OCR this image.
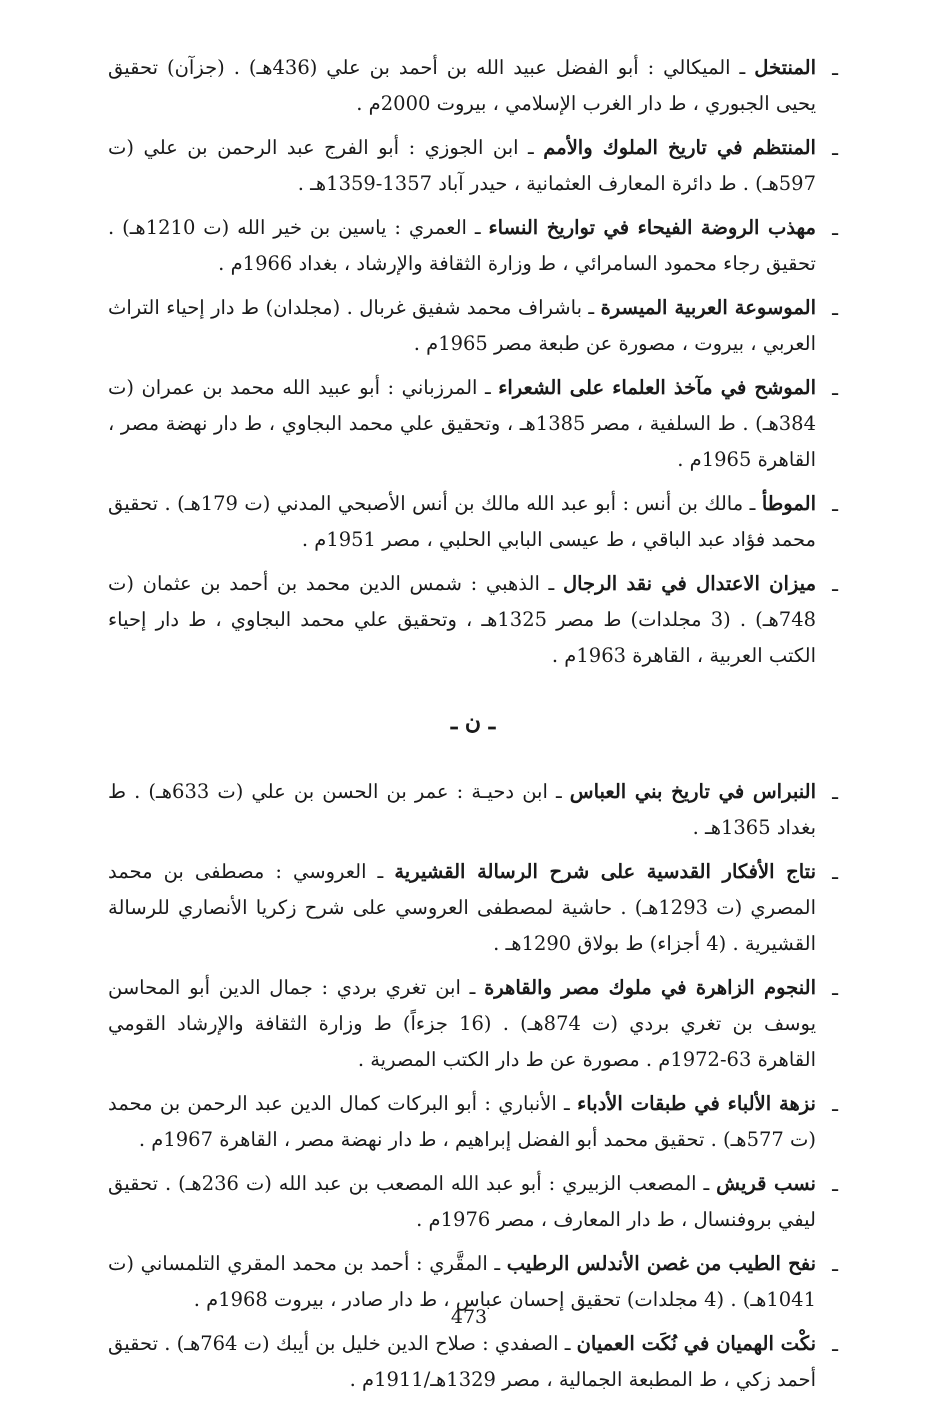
ـ
المنتخل ـ الميكالي : أبو الفضل عبيد الله بن أحمد بن علي (436هـ) . (جزآن) تحقيق يحيى الجبوري ، ط دار الغرب الإسلامي ، بيروت 2000م .
ـ
المنتظم في تاريخ الملوك والأمم ـ ابن الجوزي : أبو الفرج عبد الرحمن بن علي (ت 597هـ) . ط دائرة المعارف العثمانية ، حيدر آباد 1357-1359هـ .
ـ
مهذب الروضة الفيحاء في تواريخ النساء ـ العمري : ياسين بن خير الله (ت 1210هـ) . تحقيق رجاء محمود السامرائي ، ط وزارة الثقافة والإرشاد ، بغداد 1966م .
ـ
الموسوعة العربية الميسرة ـ باشراف محمد شفيق غربال . (مجلدان) ط دار إحياء التراث العربي ، بيروت ، مصورة عن طبعة مصر 1965م .
ـ
الموشح في مآخذ العلماء على الشعراء ـ المرزباني : أبو عبيد الله محمد بن عمران (ت 384هـ) . ط السلفية ، مصر 1385هـ ، وتحقيق علي محمد البجاوي ، ط دار نهضة مصر ، القاهرة 1965م .
ـ
الموطأ ـ مالك بن أنس : أبو عبد الله مالك بن أنس الأصبحي المدني (ت 179هـ) . تحقيق محمد فؤاد عبد الباقي ، ط عيسى البابي الحلبي ، مصر 1951م .
ـ
ميزان الاعتدال في نقد الرجال ـ الذهبي : شمس الدين محمد بن أحمد بن عثمان (ت 748هـ) . (3 مجلدات) ط مصر 1325هـ ، وتحقيق علي محمد البجاوي ، ط دار إحياء الكتب العربية ، القاهرة 1963م .
ـ ن ـ
ـ
النبراس في تاريخ بني العباس ـ ابن دحيـة : عمر بن الحسن بن علي (ت 633هـ) . ط بغداد 1365هـ .
ـ
نتاج الأفكار القدسية على شرح الرسالة القشيرية ـ العروسي : مصطفى بن محمد المصري (ت 1293هـ) . حاشية لمصطفى العروسي على شرح زكريا الأنصاري للرسالة القشيرية . (4 أجزاء) ط بولاق 1290هـ .
ـ
النجوم الزاهرة في ملوك مصر والقاهرة ـ ابن تغري بردي : جمال الدين أبو المحاسن يوسف بن تغري بردي (ت 874هـ) . (16 جزءاً) ط وزارة الثقافة والإرشاد القومي القاهرة 63-1972م . مصورة عن ط دار الكتب المصرية .
ـ
نزهة الألباء في طبقات الأدباء ـ الأنباري : أبو البركات كمال الدين عبد الرحمن بن محمد (ت 577هـ) . تحقيق محمد أبو الفضل إبراهيم ، ط دار نهضة مصر ، القاهرة 1967م .
ـ
نسب قريش ـ المصعب الزبيري : أبو عبد الله المصعب بن عبد الله (ت 236هـ) . تحقيق ليفي بروفنسال ، ط دار المعارف ، مصر 1976م .
ـ
نفح الطيب من غصن الأندلس الرطيب ـ المقَّري : أحمد بن محمد المقري التلمساني (ت 1041هـ) . (4 مجلدات) تحقيق إحسان عباس ، ط دار صادر ، بيروت 1968م .
ـ
نكْت الهميان في نُكَت العميان ـ الصفدي : صلاح الدين خليل بن أيبك (ت 764هـ) . تحقيق أحمد زكي ، ط المطبعة الجمالية ، مصر 1329هـ/1911م .
473
